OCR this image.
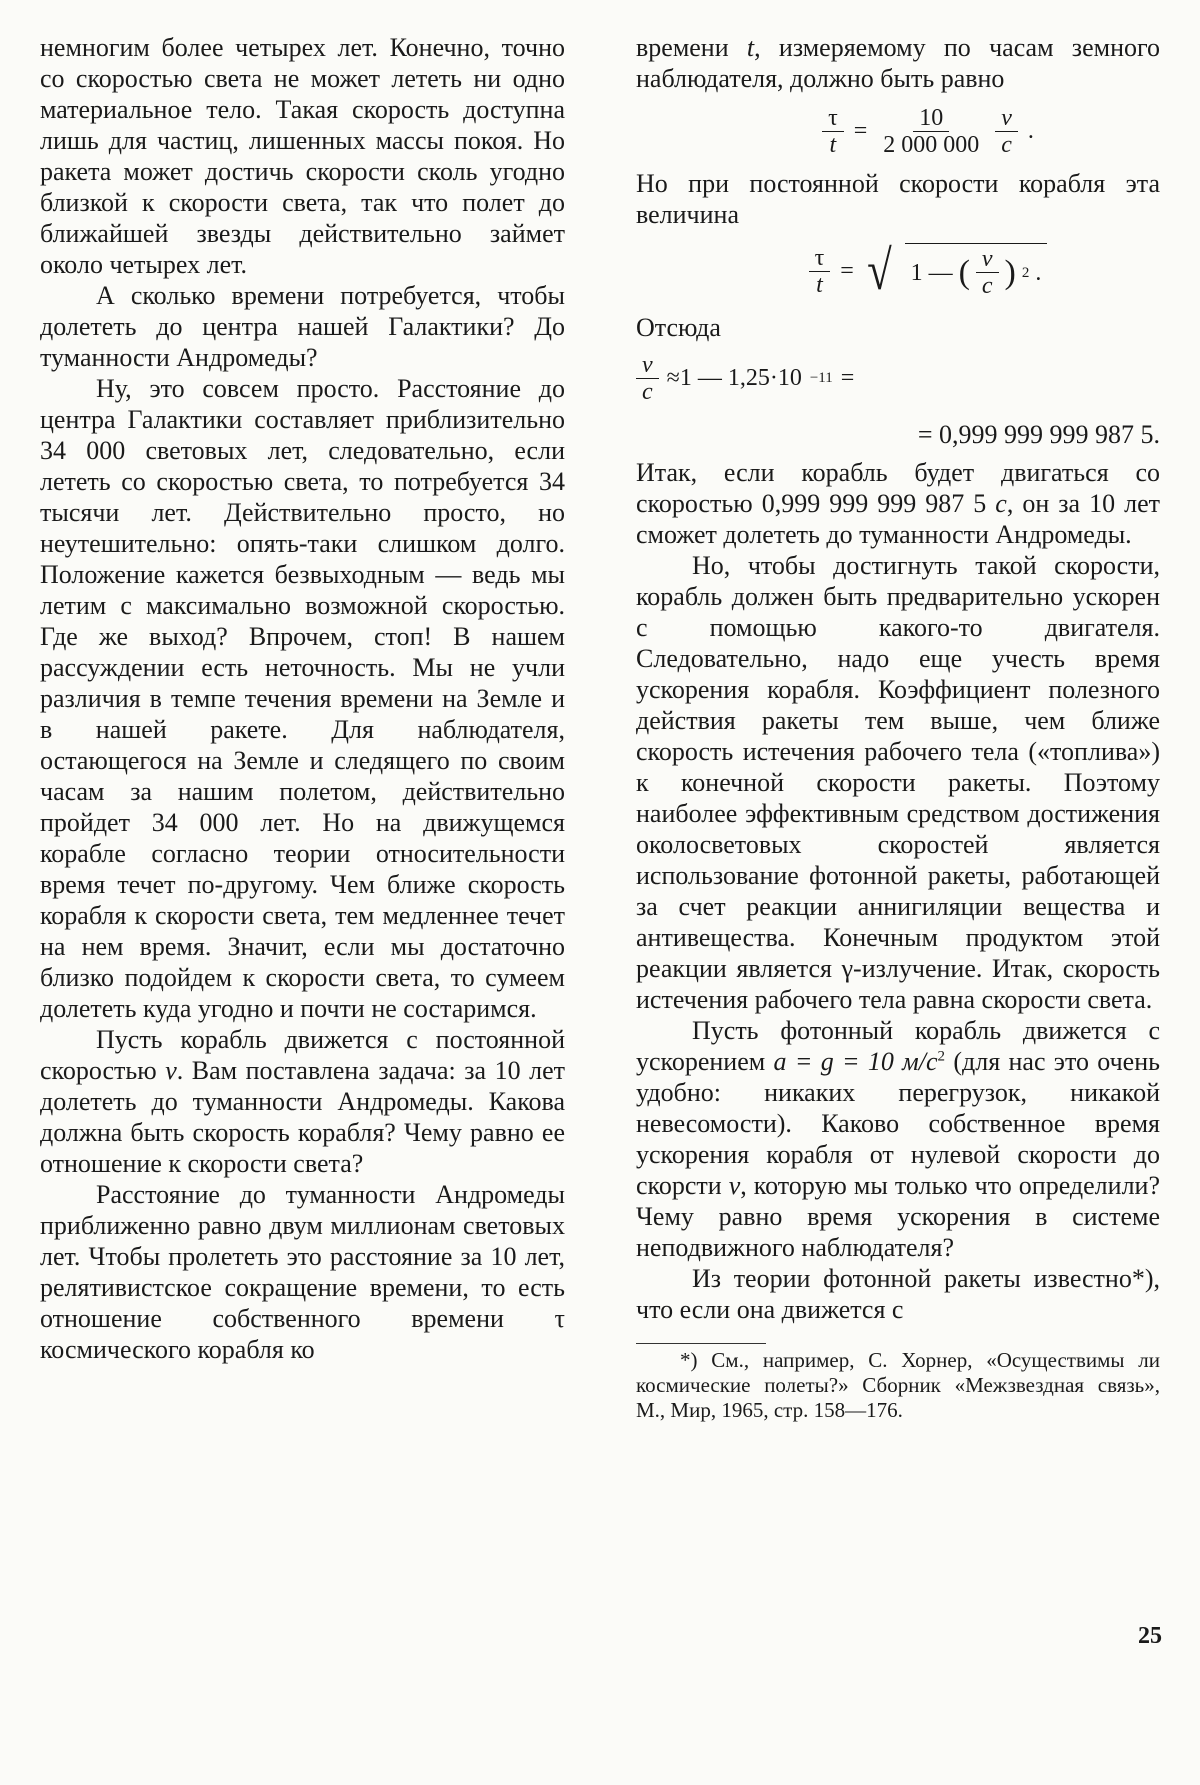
немногим более четырех лет. Конечно, точно со скоростью света не может лететь ни одно материальное тело. Такая скорость доступна лишь для частиц, лишенных массы покоя. Но ракета может достичь скорости сколь угодно близкой к скорости света, так что полет до ближайшей звезды действительно займет около четырех лет.

А сколько времени потребуется, чтобы долететь до центра нашей Галактики? До туманности Андромеды?

Ну, это совсем просто. Расстояние до центра Галактики составляет приблизительно 34 000 световых лет, следовательно, если лететь со скоростью света, то потребуется 34 тысячи лет. Действительно просто, но неутешительно: опять-таки слишком долго. Положение кажется безвыходным — ведь мы летим с максимально возможной скоростью. Где же выход? Впрочем, стоп! В нашем рассуждении есть неточность. Мы не учли различия в темпе течения времени на Земле и в нашей ракете. Для наблюдателя, остающегося на Земле и следящего по своим часам за нашим полетом, действительно пройдет 34 000 лет. Но на движущемся корабле согласно теории относительности время течет по-другому. Чем ближе скорость корабля к скорости света, тем медленнее течет на нем время. Значит, если мы достаточно близко подойдем к скорости света, то сумеем долететь куда угодно и почти не состаримся.

Пусть корабль движется с постоянной скоростью v. Вам поставлена задача: за 10 лет долететь до туманности Андромеды. Какова должна быть скорость корабля? Чему равно ее отношение к скорости света?

Расстояние до туманности Андромеды приближенно равно двум миллионам световых лет. Чтобы пролететь это расстояние за 10 лет, релятивистское сокращение времени, то есть отношение собственного времени τ космического корабля ко

времени t, измеряемому по часам земного наблюдателя, должно быть равно

$\frac{\tau}{t} = \frac{10}{2 000 000} \frac{v}{c}$ .

Но при постоянной скорости корабля эта величина

$\frac{\tau}{t}$ = √ 1 — ( $\frac{v}{c}$ ) 2 .

Отсюда

$\frac{v}{c} \approx 1$ — 1,25·10 −11 =
= 0,999 999 999 987 5.

Итак, если корабль будет двигаться со скоростью 0,999 999 999 987 5 с, он за 10 лет сможет долететь до туманности Андромеды.

Но, чтобы достигнуть такой скорости, корабль должен быть предварительно ускорен с помощью какого-то двигателя. Следовательно, надо еще учесть время ускорения корабля. Коэффициент полезного действия ракеты тем выше, чем ближе скорость истечения рабочего тела («топлива») к конечной скорости ракеты. Поэтому наиболее эффективным средством достижения околосветовых скоростей является использование фотонной ракеты, работающей за счет реакции аннигиляции вещества и антивещества. Конечным продуктом этой реакции является γ-излучение. Итак, скорость истечения рабочего тела равна скорости света.

Пусть фотонный корабль движется с ускорением a = g = 10 $м/с^2$ (для нас это очень удобно: никаких перегрузок, никакой невесомости). Каково собственное время ускорения корабля от нулевой скорости до скорсти v, которую мы только что определили? Чему равно время ускорения в системе неподвижного наблюдателя?

Из теории фотонной ракеты известно*), что если она движется с

*) См., например, С. Хорнер, «Осуществимы ли космические полеты?» Сборник «Межзвездная связь», М., Мир, 1965, стр. 158—176.
25
